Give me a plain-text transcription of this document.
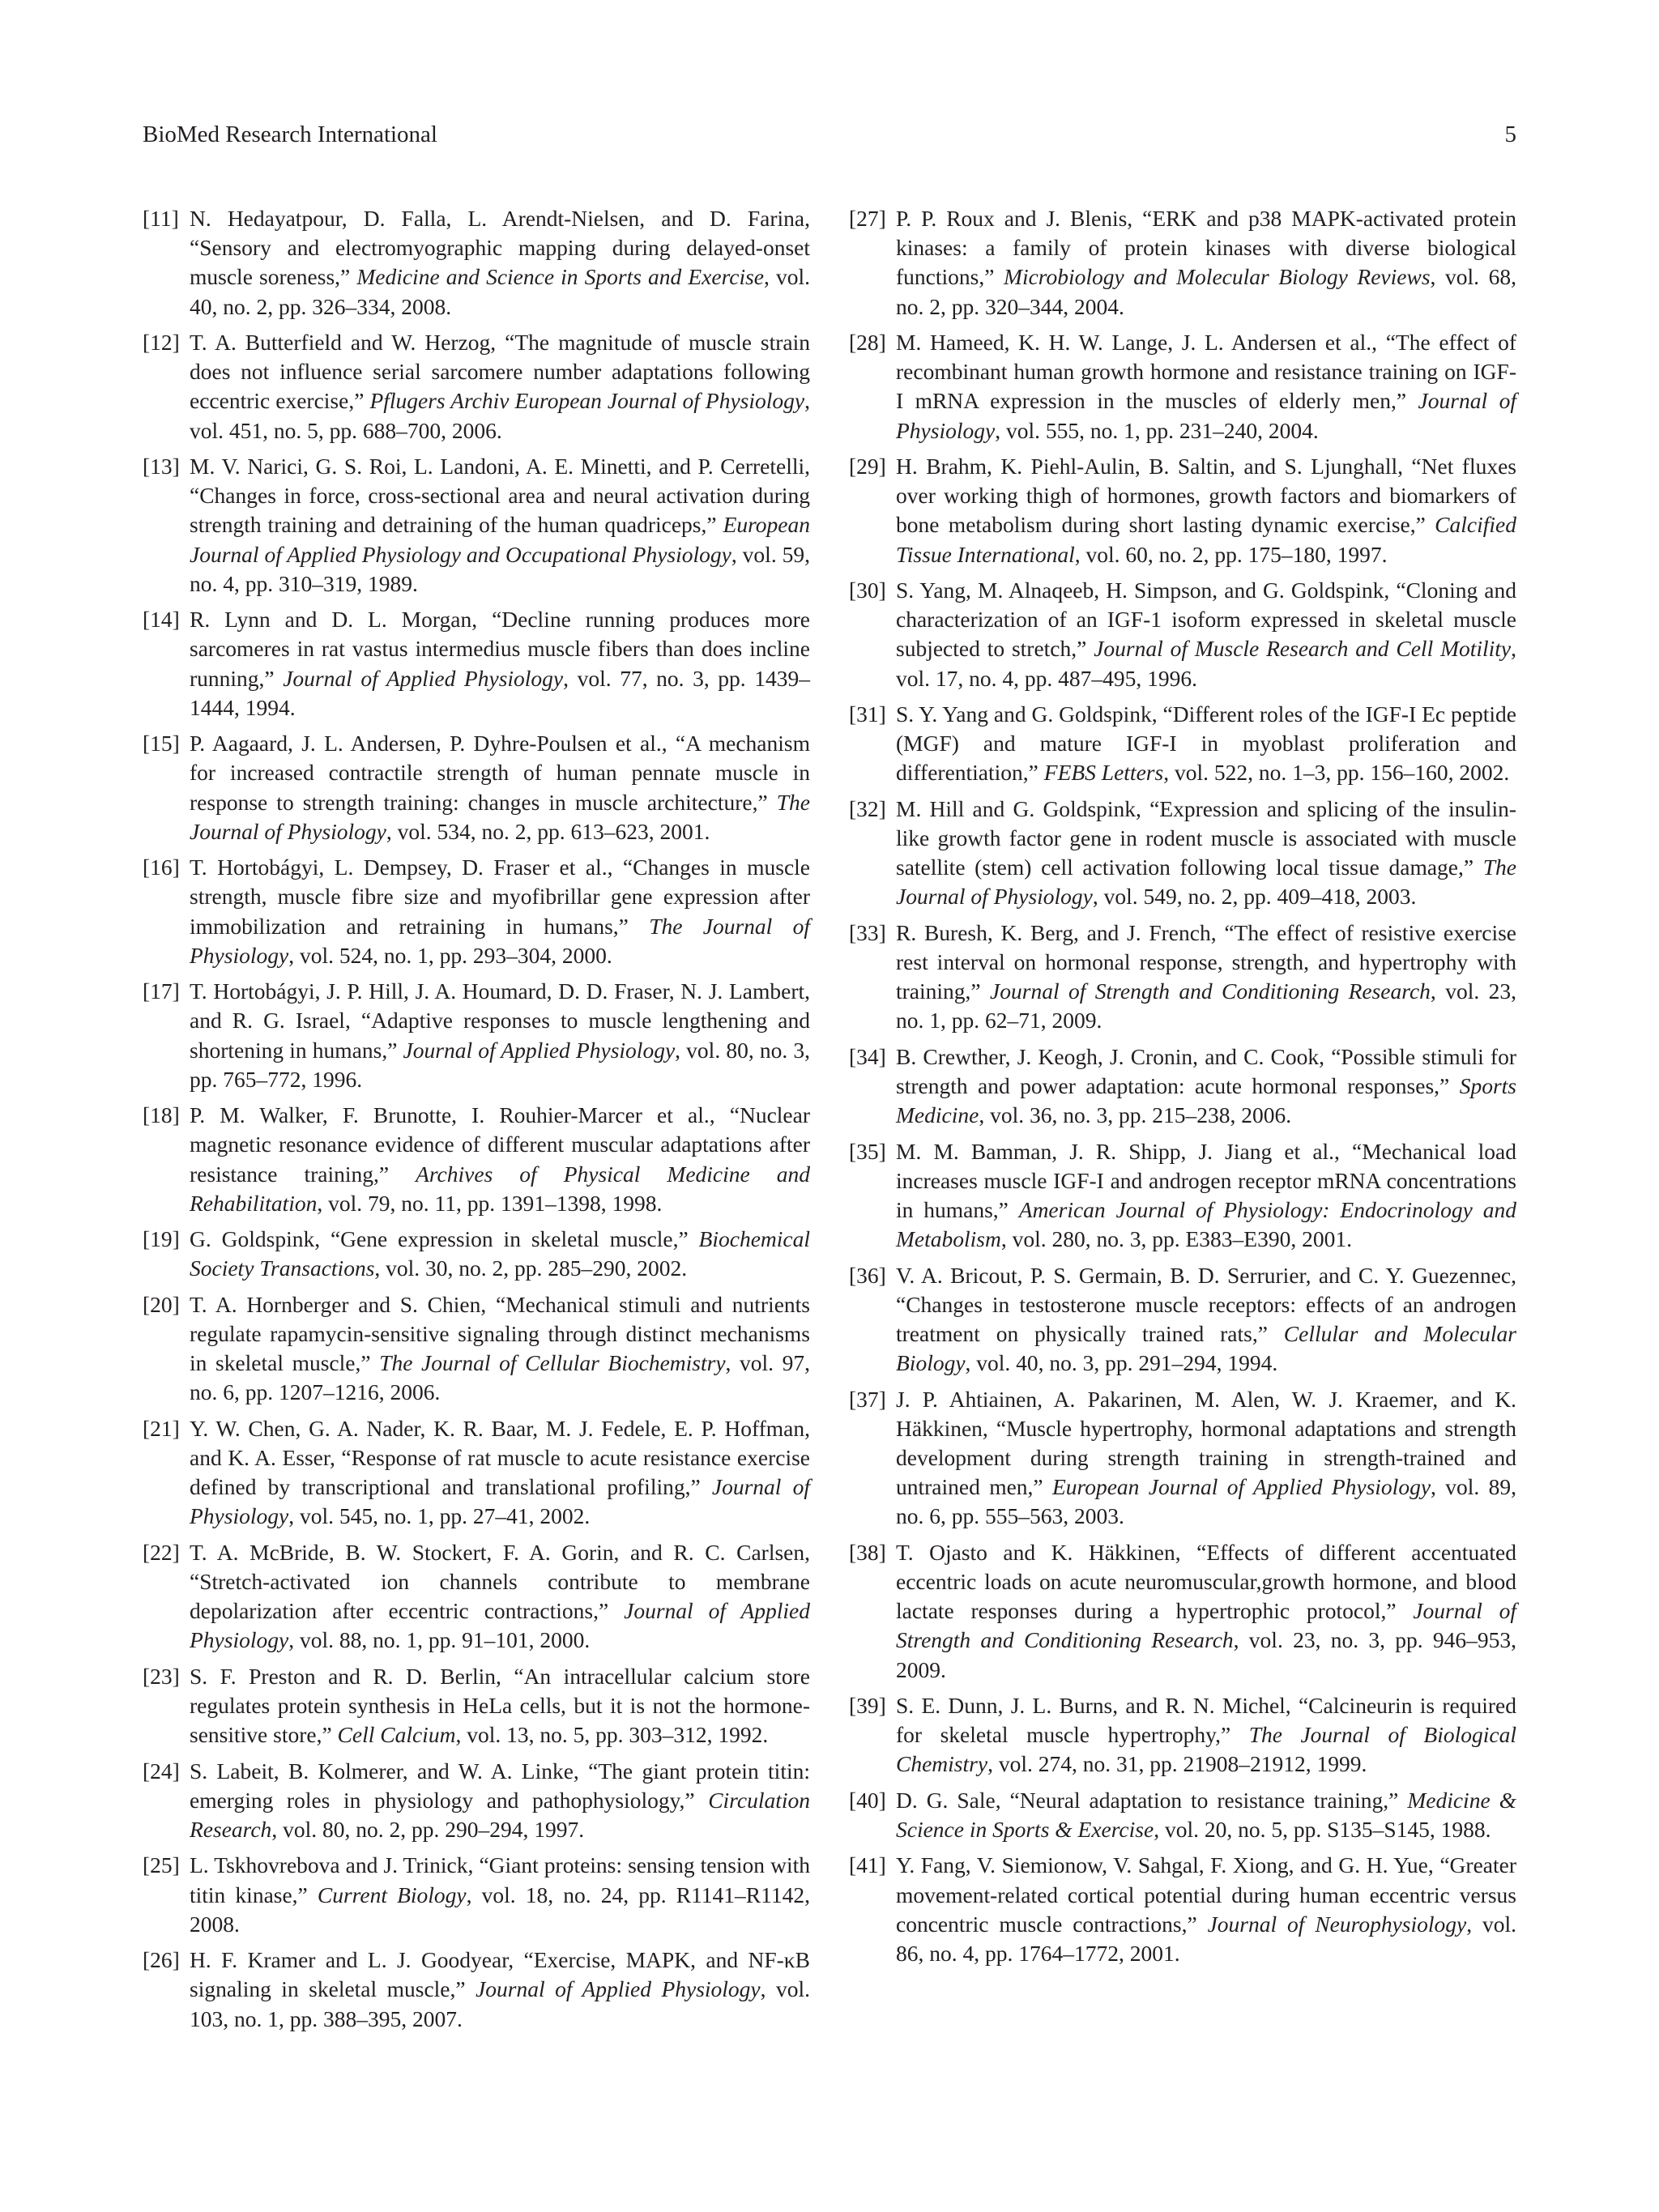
BioMed Research International	5
[11] N. Hedayatpour, D. Falla, L. Arendt-Nielsen, and D. Farina, “Sensory and electromyographic mapping during delayed-onset muscle soreness,” Medicine and Science in Sports and Exercise, vol. 40, no. 2, pp. 326–334, 2008.
[12] T. A. Butterfield and W. Herzog, “The magnitude of muscle strain does not influence serial sarcomere number adaptations following eccentric exercise,” Pflugers Archiv European Journal of Physiology, vol. 451, no. 5, pp. 688–700, 2006.
[13] M. V. Narici, G. S. Roi, L. Landoni, A. E. Minetti, and P. Cerretelli, “Changes in force, cross-sectional area and neural activation during strength training and detraining of the human quadriceps,” European Journal of Applied Physiology and Occupational Physiology, vol. 59, no. 4, pp. 310–319, 1989.
[14] R. Lynn and D. L. Morgan, “Decline running produces more sarcomeres in rat vastus intermedius muscle fibers than does incline running,” Journal of Applied Physiology, vol. 77, no. 3, pp. 1439–1444, 1994.
[15] P. Aagaard, J. L. Andersen, P. Dyhre-Poulsen et al., “A mechanism for increased contractile strength of human pennate muscle in response to strength training: changes in muscle architecture,” The Journal of Physiology, vol. 534, no. 2, pp. 613–623, 2001.
[16] T. Hortobágyi, L. Dempsey, D. Fraser et al., “Changes in muscle strength, muscle fibre size and myofibrillar gene expression after immobilization and retraining in humans,” The Journal of Physiology, vol. 524, no. 1, pp. 293–304, 2000.
[17] T. Hortobágyi, J. P. Hill, J. A. Houmard, D. D. Fraser, N. J. Lambert, and R. G. Israel, “Adaptive responses to muscle lengthening and shortening in humans,” Journal of Applied Physiology, vol. 80, no. 3, pp. 765–772, 1996.
[18] P. M. Walker, F. Brunotte, I. Rouhier-Marcer et al., “Nuclear magnetic resonance evidence of different muscular adaptations after resistance training,” Archives of Physical Medicine and Rehabilitation, vol. 79, no. 11, pp. 1391–1398, 1998.
[19] G. Goldspink, “Gene expression in skeletal muscle,” Biochemical Society Transactions, vol. 30, no. 2, pp. 285–290, 2002.
[20] T. A. Hornberger and S. Chien, “Mechanical stimuli and nutrients regulate rapamycin-sensitive signaling through distinct mechanisms in skeletal muscle,” The Journal of Cellular Biochemistry, vol. 97, no. 6, pp. 1207–1216, 2006.
[21] Y. W. Chen, G. A. Nader, K. R. Baar, M. J. Fedele, E. P. Hoffman, and K. A. Esser, “Response of rat muscle to acute resistance exercise defined by transcriptional and translational profiling,” Journal of Physiology, vol. 545, no. 1, pp. 27–41, 2002.
[22] T. A. McBride, B. W. Stockert, F. A. Gorin, and R. C. Carlsen, “Stretch-activated ion channels contribute to membrane depolarization after eccentric contractions,” Journal of Applied Physiology, vol. 88, no. 1, pp. 91–101, 2000.
[23] S. F. Preston and R. D. Berlin, “An intracellular calcium store regulates protein synthesis in HeLa cells, but it is not the hormone-sensitive store,” Cell Calcium, vol. 13, no. 5, pp. 303–312, 1992.
[24] S. Labeit, B. Kolmerer, and W. A. Linke, “The giant protein titin: emerging roles in physiology and pathophysiology,” Circulation Research, vol. 80, no. 2, pp. 290–294, 1997.
[25] L. Tskhovrebova and J. Trinick, “Giant proteins: sensing tension with titin kinase,” Current Biology, vol. 18, no. 24, pp. R1141–R1142, 2008.
[26] H. F. Kramer and L. J. Goodyear, “Exercise, MAPK, and NF-κB signaling in skeletal muscle,” Journal of Applied Physiology, vol. 103, no. 1, pp. 388–395, 2007.
[27] P. P. Roux and J. Blenis, “ERK and p38 MAPK-activated protein kinases: a family of protein kinases with diverse biological functions,” Microbiology and Molecular Biology Reviews, vol. 68, no. 2, pp. 320–344, 2004.
[28] M. Hameed, K. H. W. Lange, J. L. Andersen et al., “The effect of recombinant human growth hormone and resistance training on IGF-I mRNA expression in the muscles of elderly men,” Journal of Physiology, vol. 555, no. 1, pp. 231–240, 2004.
[29] H. Brahm, K. Piehl-Aulin, B. Saltin, and S. Ljunghall, “Net fluxes over working thigh of hormones, growth factors and biomarkers of bone metabolism during short lasting dynamic exercise,” Calcified Tissue International, vol. 60, no. 2, pp. 175–180, 1997.
[30] S. Yang, M. Alnaqeeb, H. Simpson, and G. Goldspink, “Cloning and characterization of an IGF-1 isoform expressed in skeletal muscle subjected to stretch,” Journal of Muscle Research and Cell Motility, vol. 17, no. 4, pp. 487–495, 1996.
[31] S. Y. Yang and G. Goldspink, “Different roles of the IGF-I Ec peptide (MGF) and mature IGF-I in myoblast proliferation and differentiation,” FEBS Letters, vol. 522, no. 1–3, pp. 156–160, 2002.
[32] M. Hill and G. Goldspink, “Expression and splicing of the insulin-like growth factor gene in rodent muscle is associated with muscle satellite (stem) cell activation following local tissue damage,” The Journal of Physiology, vol. 549, no. 2, pp. 409–418, 2003.
[33] R. Buresh, K. Berg, and J. French, “The effect of resistive exercise rest interval on hormonal response, strength, and hypertrophy with training,” Journal of Strength and Conditioning Research, vol. 23, no. 1, pp. 62–71, 2009.
[34] B. Crewther, J. Keogh, J. Cronin, and C. Cook, “Possible stimuli for strength and power adaptation: acute hormonal responses,” Sports Medicine, vol. 36, no. 3, pp. 215–238, 2006.
[35] M. M. Bamman, J. R. Shipp, J. Jiang et al., “Mechanical load increases muscle IGF-I and androgen receptor mRNA concentrations in humans,” American Journal of Physiology: Endocrinology and Metabolism, vol. 280, no. 3, pp. E383–E390, 2001.
[36] V. A. Bricout, P. S. Germain, B. D. Serrurier, and C. Y. Guezennec, “Changes in testosterone muscle receptors: effects of an androgen treatment on physically trained rats,” Cellular and Molecular Biology, vol. 40, no. 3, pp. 291–294, 1994.
[37] J. P. Ahtiainen, A. Pakarinen, M. Alen, W. J. Kraemer, and K. Häkkinen, “Muscle hypertrophy, hormonal adaptations and strength development during strength training in strength-trained and untrained men,” European Journal of Applied Physiology, vol. 89, no. 6, pp. 555–563, 2003.
[38] T. Ojasto and K. Häkkinen, “Effects of different accentuated eccentric loads on acute neuromuscular,growth hormone, and blood lactate responses during a hypertrophic protocol,” Journal of Strength and Conditioning Research, vol. 23, no. 3, pp. 946–953, 2009.
[39] S. E. Dunn, J. L. Burns, and R. N. Michel, “Calcineurin is required for skeletal muscle hypertrophy,” The Journal of Biological Chemistry, vol. 274, no. 31, pp. 21908–21912, 1999.
[40] D. G. Sale, “Neural adaptation to resistance training,” Medicine & Science in Sports & Exercise, vol. 20, no. 5, pp. S135–S145, 1988.
[41] Y. Fang, V. Siemionow, V. Sahgal, F. Xiong, and G. H. Yue, “Greater movement-related cortical potential during human eccentric versus concentric muscle contractions,” Journal of Neurophysiology, vol. 86, no. 4, pp. 1764–1772, 2001.
